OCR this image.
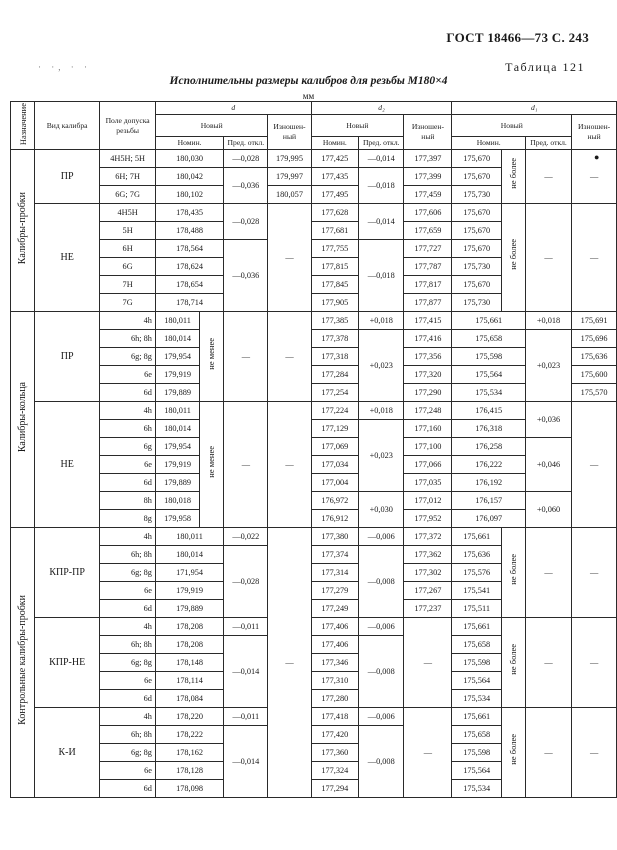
ГОСТ 18466—73 С. 243
Таблица 121
· ·, · ·
Исполнительны размеры калибров для резьбы М180×4
мм
●
Назначение	Вид калибра	Поле допуска резьбы	d				d₂			d₁			
			Новый			Изношен- ный	Новый		Изношен- ный	Новый			Изношен- ный
			Номин.		Пред. откл.		Номин.	Пред. откл.		Номин.		Пред. откл.	
Калибры-пробки	ПР	4H5H; 5H	180,030		—0,028	179,995	177,425	—0,014	177,397	175,670	не более	—	—
		6H; 7H	180,042		—0,036	179,997	177,435	—0,018	177,399	175,670			
		6G; 7G	180,102			180,057	177,495		177,459	175,730			
	НЕ	4H5H	178,435		—0,028	—	177,628	—0,014	177,606	175,670	не более	—	—
		5H	178,488				177,681		177,659	175,670			
		6H	178,564		—0,036		177,755	—0,018	177,727	175,670			
		6G	178,624				177,815		177,787	175,730			
		7H	178,654				177,845		177,817	175,670			
		7G	178,714				177,905		177,877	175,730			
Калибры-кольца	ПР	4h	180,011	не менее	—	—	177,385	+0,018	177,415	175,661		+0,018	175,691
		6h; 8h	180,014				177,378	+0,023	177,416	175,658		+0,023	175,696
		6g; 8g	179,954				177,318		177,356	175,598			175,636
		6e	179,919				177,284		177,320	175,564			175,600
		6d	179,889				177,254		177,290	175,534			175,570
	НЕ	4h	180,011	не менее	—	—	177,224	+0,018	177,248	176,415		+0,036	—
		6h	180,014				177,129	+0,023	177,160	176,318			
		6g	179,954				177,069		177,100	176,258		+0,046	
		6e	179,919				177,034		177,066	176,222			
		6d	179,889				177,004		177,035	176,192			
		8h	180,018				176,972	+0,030	177,012	176,157		+0,060	
		8g	179,958				176,912		177,952	176,097			
Контрольные калибры-пробки	КПР-ПР	4h	180,011		—0,022	—	177,380	—0,006	177,372	175,661	не более	—	—
		6h; 8h	180,014		—0,028		177,374	—0,008	177,362	175,636			
		6g; 8g	171,954				177,314		177,302	175,576			
		6e	179,919				177,279		177,267	175,541			
		6d	179,889				177,249		177,237	175,511			
	КПР-НЕ	4h	178,208		—0,011		177,406	—0,006	—	175,661	не более	—	—
		6h; 8h	178,208		—0,014		177,406	—0,008		175,658			
		6g; 8g	178,148				177,346			175,598			
		6e	178,114				177,310			175,564			
		6d	178,084				177,280			175,534			
	К-И	4h	178,220		—0,011		177,418	—0,006	—	175,661	не более	—	—
		6h; 8h	178,222		—0,014		177,420	—0,008		175,658			
		6g; 8g	178,162				177,360			175,598			
		6e	178,128				177,324			175,564			
		6d	178,098				177,294			175,534			
